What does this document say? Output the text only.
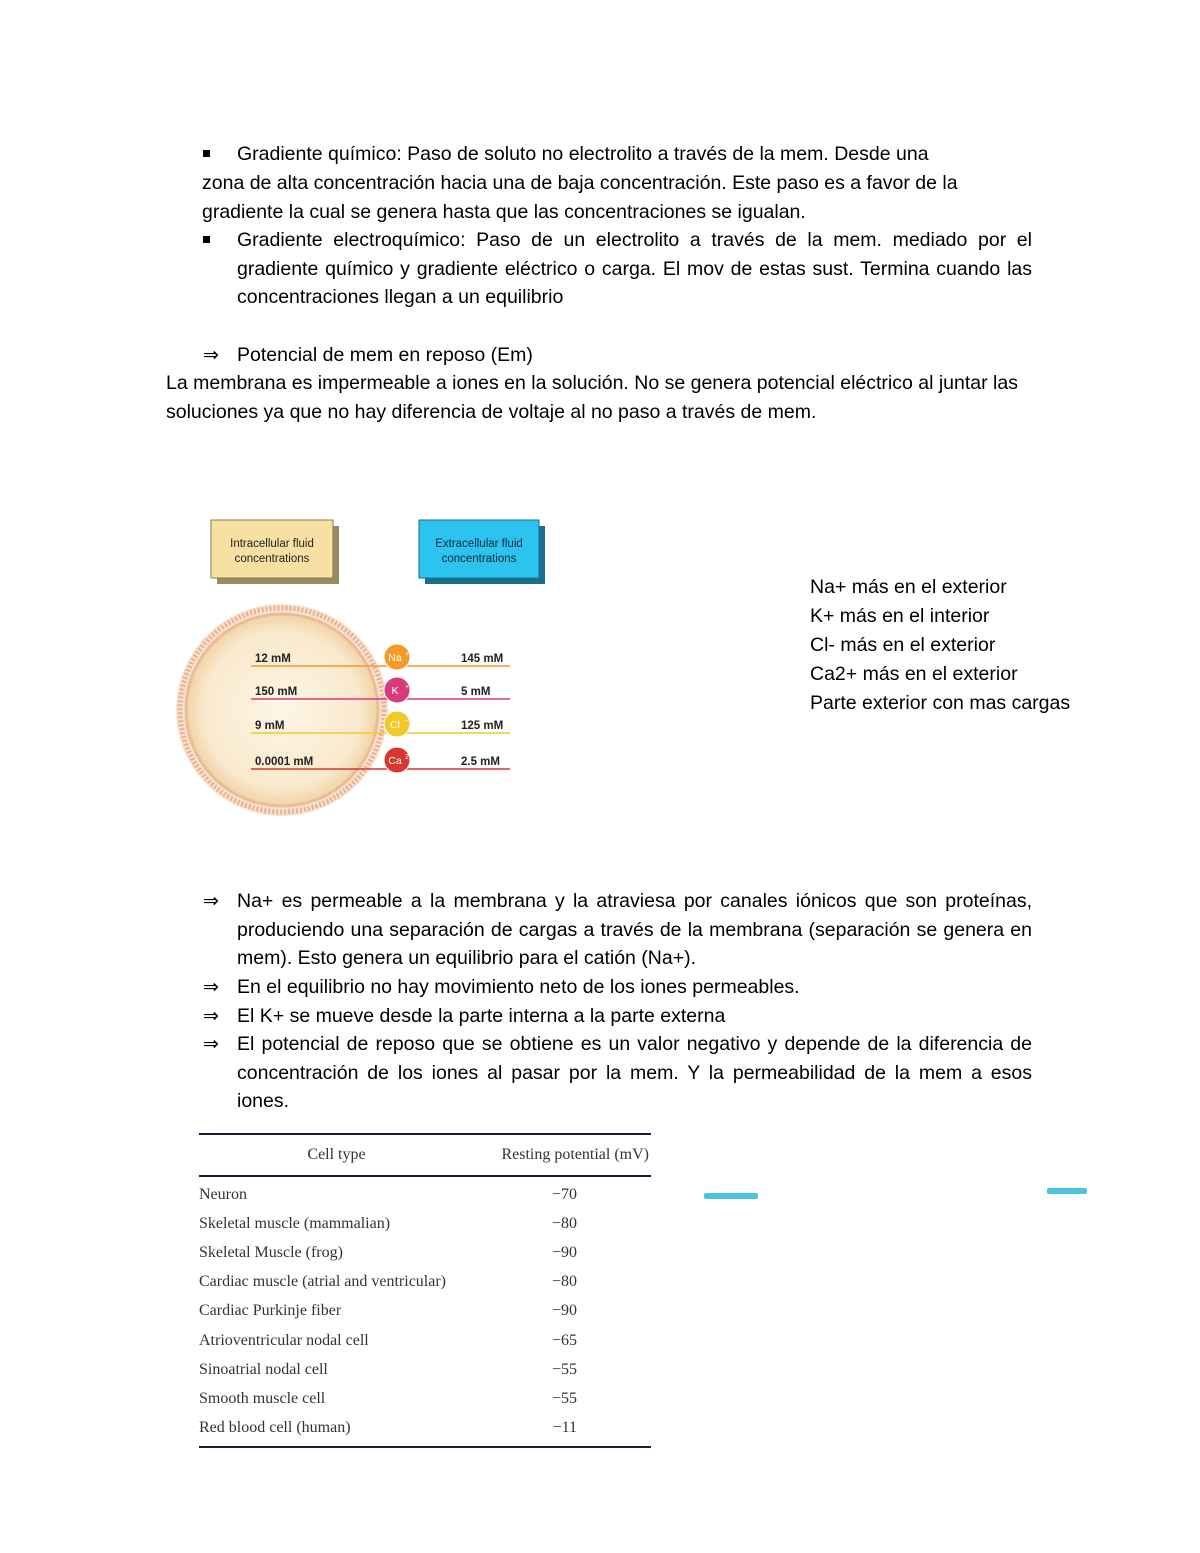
Gradiente químico: Paso de soluto no electrolito a través de la mem. Desde una
zona de alta concentración hacia una de baja concentración. Este paso es a favor de la
gradiente la cual se genera hasta que las concentraciones se igualan.
Gradiente electroquímico: Paso de un electrolito a través de la mem. mediado por el gradiente químico y gradiente eléctrico o carga. El mov de estas sust. Termina cuando las concentraciones llegan a un equilibrio
⇒ Potencial de mem en reposo (Em)
La membrana es impermeable a iones en la solución. No se genera potencial eléctrico al juntar las soluciones ya que no hay diferencia de voltaje al no paso a través de mem.
Intracellular fluid
concentrations
Extracellular fluid
concentrations
12 mM	Na +	145 mM
150 mM	K +	5 mM
9 mM	Cl −	125 mM
0.0001 mM	Ca 2+	2.5 mM
Na+ más en el exterior
K+ más en el interior
Cl- más en el exterior
Ca2+ más en el exterior
Parte exterior con mas cargas
⇒ Na+ es permeable a la membrana y la atraviesa por canales iónicos que son proteínas, produciendo una separación de cargas a través de la membrana (separación se genera en mem). Esto genera un equilibrio para el catión (Na+).
⇒ En el equilibrio no hay movimiento neto de los iones permeables.
⇒ El K+ se mueve desde la parte interna a la parte externa
⇒ El potencial de reposo que se obtiene es un valor negativo y depende de la diferencia de concentración de los iones al pasar por la mem. Y la permeabilidad de la mem a esos iones.
Cell type	Resting potential (mV)
Neuron	−70
Skeletal muscle (mammalian)	−80
Skeletal Muscle (frog)	−90
Cardiac muscle (atrial and ventricular)	−80
Cardiac Purkinje fiber	−90
Atrioventricular nodal cell	−65
Sinoatrial nodal cell	−55
Smooth muscle cell	−55
Red blood cell (human)	−11
